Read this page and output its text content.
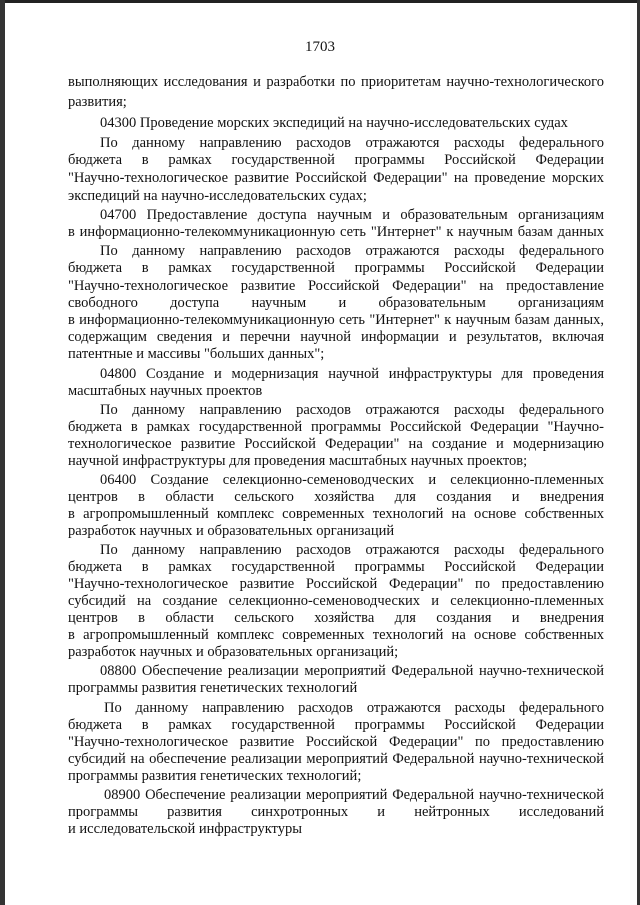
1703
выполняющих исследования и разработки по приоритетам научно-технологического
развития;
04300 Проведение морских экспедиций на научно-исследовательских судах
По данному направлению расходов отражаются расходы федерального
бюджета в рамках государственной программы Российской Федерации
"Научно-технологическое развитие Российской Федерации" на проведение морских
экспедиций на научно-исследовательских судах;
04700 Предоставление доступа научным и образовательным организациям
в информационно-телекоммуникационную сеть "Интернет" к научным базам данных
По данному направлению расходов отражаются расходы федерального
бюджета в рамках государственной программы Российской Федерации
"Научно-технологическое развитие Российской Федерации" на предоставление
свободного доступа научным и образовательным организациям
в информационно-телекоммуникационную сеть "Интернет" к научным базам данных,
содержащим сведения и перечни научной информации и результатов, включая
патентные и массивы "больших данных";
04800 Создание и модернизация научной инфраструктуры для проведения
масштабных научных проектов
По данному направлению расходов отражаются расходы федерального
бюджета в рамках государственной программы Российской Федерации "Научно-
технологическое развитие Российской Федерации" на создание и модернизацию
научной инфраструктуры для проведения масштабных научных проектов;
06400 Создание селекционно-семеноводческих и селекционно-племенных
центров в области сельского хозяйства для создания и внедрения
в агропромышленный комплекс современных технологий на основе собственных
разработок научных и образовательных организаций
По данному направлению расходов отражаются расходы федерального
бюджета в рамках государственной программы Российской Федерации
"Научно-технологическое развитие Российской Федерации" по предоставлению
субсидий на создание селекционно-семеноводческих и селекционно-племенных
центров в области сельского хозяйства для создания и внедрения
в агропромышленный комплекс современных технологий на основе собственных
разработок научных и образовательных организаций;
08800 Обеспечение реализации мероприятий Федеральной научно-технической
программы развития генетических технологий
По данному направлению расходов отражаются расходы федерального
бюджета в рамках государственной программы Российской Федерации
"Научно-технологическое развитие Российской Федерации" по предоставлению
субсидий на обеспечение реализации мероприятий Федеральной научно-технической
программы развития генетических технологий;
08900 Обеспечение реализации мероприятий Федеральной научно-технической
программы развития синхротронных и нейтронных исследований
и исследовательской инфраструктуры
